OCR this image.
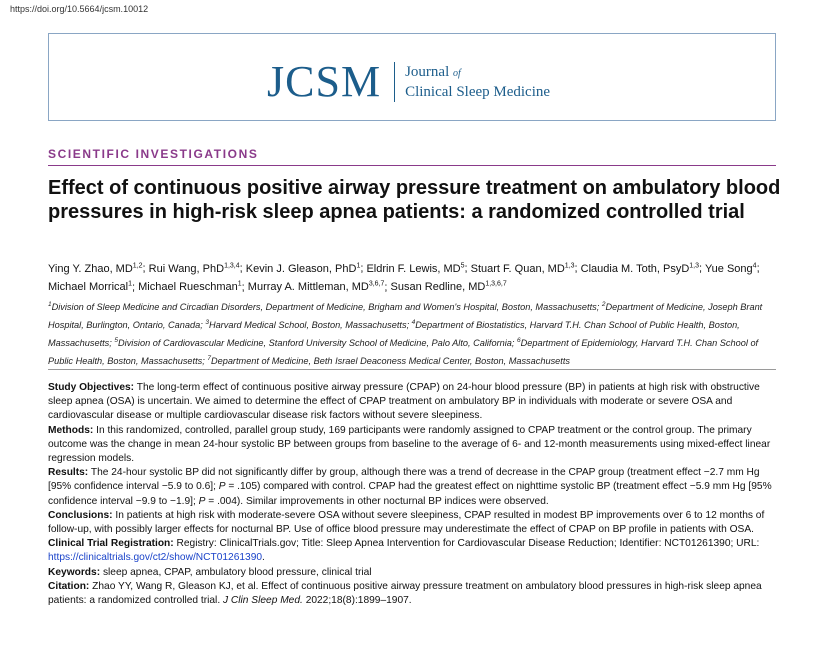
https://doi.org/10.5664/jcsm.10012
JCSM Journal of
Clinical Sleep Medicine
SCIENTIFIC INVESTIGATIONS
Effect of continuous positive airway pressure treatment on ambulatory blood pressures in high-risk sleep apnea patients: a randomized controlled trial
Ying Y. Zhao, MD$^{1,2}$; Rui Wang, PhD$^{1,3,4}$; Kevin J. Gleason, PhD$^1$; Eldrin F. Lewis, $MD^5$; Stuart F. Quan, MD$^{1,3}$; Claudia M. Toth, PsyD$^{1,3}$; Yue Song$^4$; Michael Morrical$^1$; Michael Rueschman$^1$; Murray A. Mittleman, MD$^{3,6,7}$; Susan Redline, MD$^{1,3,6,7}$
$^1$Division of Sleep Medicine and Circadian Disorders, Department of Medicine, Brigham and Women's Hospital, Boston, Massachusetts; $^2$Department of Medicine, Joseph Brant Hospital, Burlington, Ontario, Canada; $^3$Harvard Medical School, Boston, Massachusetts; $^4$Department of Biostatistics, Harvard T.H. Chan School of Public Health, Boston, Massachusetts; $^5$Division of Cardiovascular Medicine, Stanford University School of Medicine, Palo Alto, California; $^6$Department of Epidemiology, Harvard T.H. Chan School of Public Health, Boston, Massachusetts; $^7$Department of Medicine, Beth Israel Deaconess Medical Center, Boston, Massachusetts

Study Objectives: The long-term effect of continuous positive airway pressure (CPAP) on 24-hour blood pressure (BP) in patients at high risk with obstructive sleep apnea (OSA) is uncertain. We aimed to determine the effect of CPAP treatment on ambulatory BP in individuals with moderate or severe OSA and cardiovascular disease or multiple cardiovascular disease risk factors without severe sleepiness.

Methods: In this randomized, controlled, parallel group study, 169 participants were randomly assigned to CPAP treatment or the control group. The primary outcome was the change in mean 24-hour systolic BP between groups from baseline to the average of 6- and 12-month measurements using mixed-effect linear regression models.

Results: The 24-hour systolic BP did not significantly differ by group, although there was a trend of decrease in the CPAP group (treatment effect −2.7 mm Hg [95% confidence interval −5.9 to 0.6]; P = .105) compared with control. CPAP had the greatest effect on nighttime systolic BP (treatment effect −5.9 mm Hg [95% confidence interval −9.9 to −1.9]; P = .004). Similar improvements in other nocturnal BP indices were observed.

Conclusions: In patients at high risk with moderate-severe OSA without severe sleepiness, CPAP resulted in modest BP improvements over 6 to 12 months of follow-up, with possibly larger effects for nocturnal BP. Use of office blood pressure may underestimate the effect of CPAP on BP profile in patients with OSA.

Clinical Trial Registration: Registry: ClinicalTrials.gov; Title: Sleep Apnea Intervention for Cardiovascular Disease Reduction; Identifier: NCT01261390; URL: https://clinicaltrials.gov/ct2/show/NCT01261390.

Keywords: sleep apnea, CPAP, ambulatory blood pressure, clinical trial

Citation: Zhao YY, Wang R, Gleason KJ, et al. Effect of continuous positive airway pressure treatment on ambulatory blood pressures in high-risk sleep apnea patients: a randomized controlled trial. J Clin Sleep Med. 2022;18(8):1899–1907.
